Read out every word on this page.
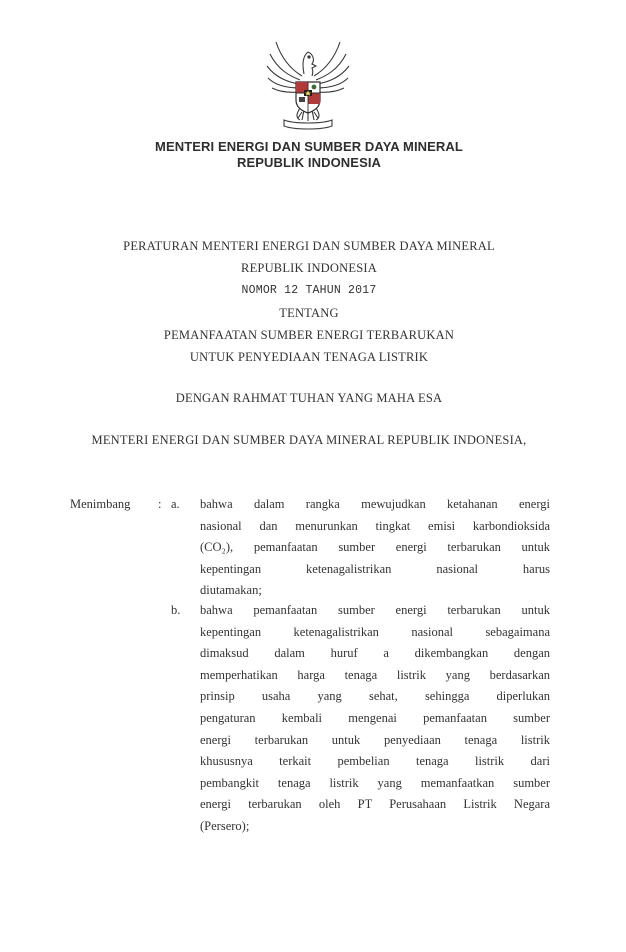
MENTERI ENERGI DAN SUMBER DAYA MINERAL
REPUBLIK INDONESIA
PERATURAN MENTERI ENERGI DAN SUMBER DAYA MINERAL
REPUBLIK INDONESIA
NOMOR 12 TAHUN 2017
TENTANG
PEMANFAATAN SUMBER ENERGI TERBARUKAN
UNTUK PENYEDIAAN TENAGA LISTRIK
DENGAN RAHMAT TUHAN YANG MAHA ESA
MENTERI ENERGI DAN SUMBER DAYA MINERAL REPUBLIK INDONESIA,
Menimbang : a. bahwa dalam rangka mewujudkan ketahanan energi
nasional dan menurunkan tingkat emisi karbondioksida
(CO₂), pemanfaatan sumber energi terbarukan untuk
kepentingan ketenagalistrikan nasional harus
diutamakan;
b. bahwa pemanfaatan sumber energi terbarukan untuk
kepentingan ketenagalistrikan nasional sebagaimana
dimaksud dalam huruf a dikembangkan dengan
memperhatikan harga tenaga listrik yang berdasarkan
prinsip usaha yang sehat, sehingga diperlukan
pengaturan kembali mengenai pemanfaatan sumber
energi terbarukan untuk penyediaan tenaga listrik
khususnya terkait pembelian tenaga listrik dari
pembangkit tenaga listrik yang memanfaatkan sumber
energi terbarukan oleh PT Perusahaan Listrik Negara
(Persero);
